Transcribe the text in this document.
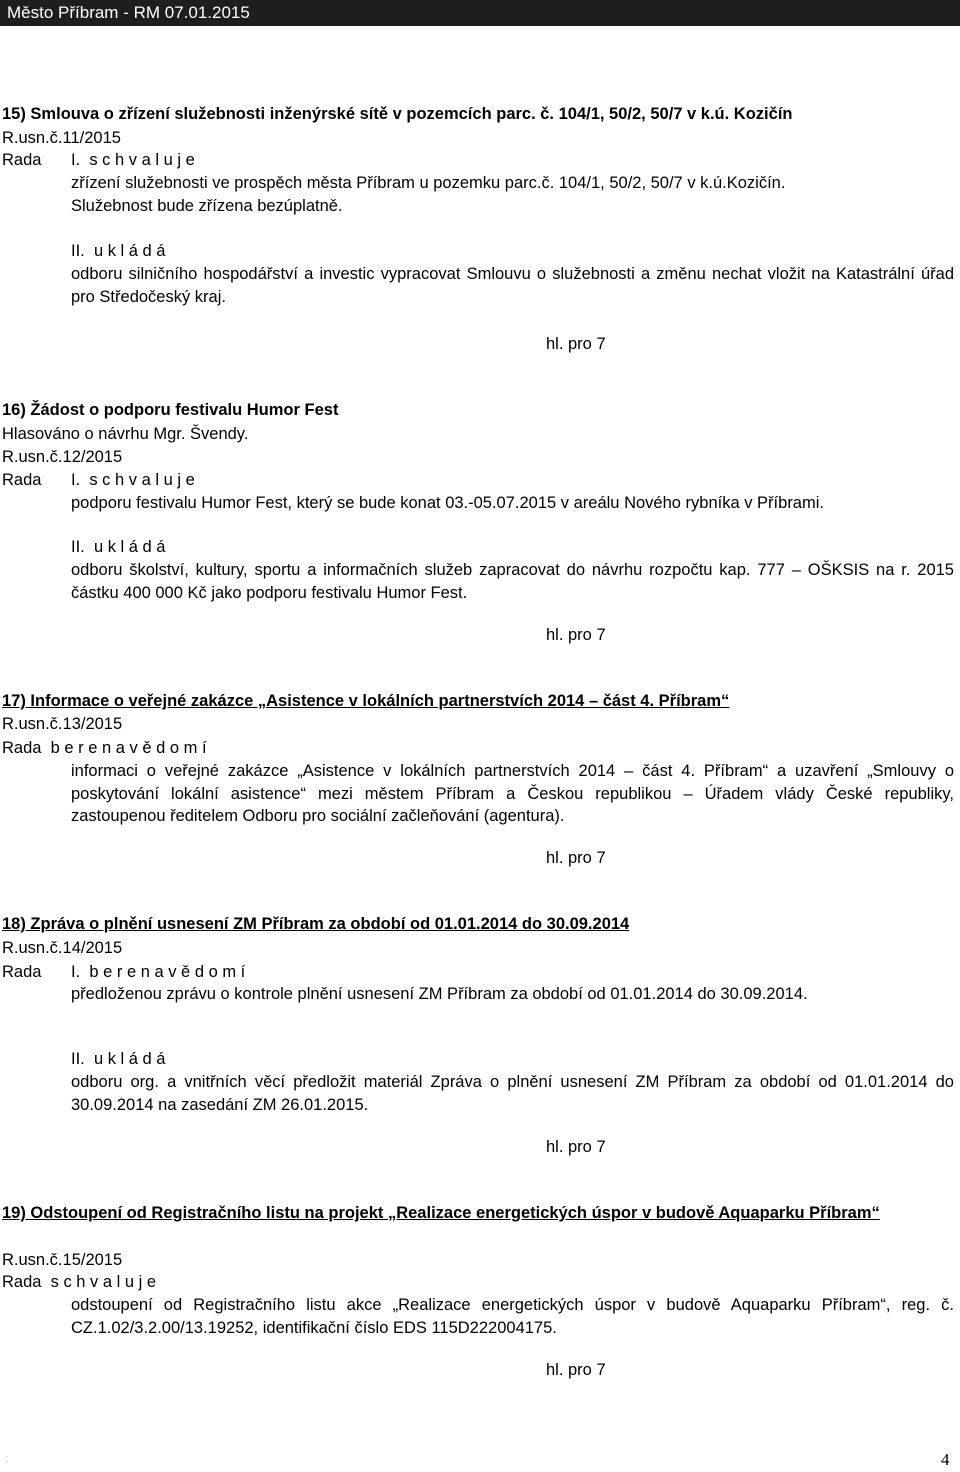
Město Příbram - RM 07.01.2015
15) Smlouva o zřízení služebnosti inženýrské sítě v pozemcích parc. č. 104/1, 50/2, 50/7 v k.ú. Kozičín
R.usn.č.11/2015
Rada I. s c h v a l u j e
zřízení služebnosti ve prospěch města Příbram u pozemku parc.č. 104/1, 50/2, 50/7 v k.ú.Kozičín.
Služebnost bude zřízena bezúplatně.
II. u k l á d á
odboru silničního hospodářství a investic vypracovat Smlouvu o služebnosti a změnu nechat vložit na Katastrální úřad pro Středočeský kraj.
hl. pro 7
16) Žádost o podporu festivalu Humor Fest
Hlasováno o návrhu Mgr. Švendy.
R.usn.č.12/2015
Rada I. s c h v a l u j e
podporu festivalu Humor Fest, který se bude konat 03.-05.07.2015 v areálu Nového rybníka v Příbrami.
II. u k l á d á
odboru školství, kultury, sportu a informačních služeb zapracovat do návrhu rozpočtu kap. 777 – OŠKSIS na r. 2015 částku 400 000 Kč jako podporu festivalu Humor Fest.
hl. pro 7
17) Informace o veřejné zakázce „Asistence v lokálních partnerstvích 2014 – část 4. Příbram“
R.usn.č.13/2015
Rada b e r e n a v ě d o m í
informaci o veřejné zakázce „Asistence v lokálních partnerstvích 2014 – část 4. Příbram“ a uzavření „Smlouvy o poskytování lokální asistence“ mezi městem Příbram a Českou republikou – Úřadem vlády České republiky, zastoupenou ředitelem Odboru pro sociální začleňování (agentura).
hl. pro 7
18) Zpráva o plnění usnesení ZM Příbram za období od 01.01.2014 do 30.09.2014
R.usn.č.14/2015
Rada I. b e r e n a v ě d o m í
předloženou zprávu o kontrole plnění usnesení ZM Příbram za období od 01.01.2014 do 30.09.2014.
II. u k l á d á
odboru org. a vnitřních věcí předložit materiál Zpráva o plnění usnesení ZM Příbram za období od 01.01.2014 do 30.09.2014 na zasedání ZM 26.01.2015.
hl. pro 7
19) Odstoupení od Registračního listu na projekt „Realizace energetických úspor v budově Aquaparku Příbram“
R.usn.č.15/2015
Rada s c h v a l u j e
odstoupení od Registračního listu akce „Realizace energetických úspor v budově Aquaparku Příbram“, reg. č. CZ.1.02/3.2.00/13.19252, identifikační číslo EDS 115D222004175.
hl. pro 7
:	4
